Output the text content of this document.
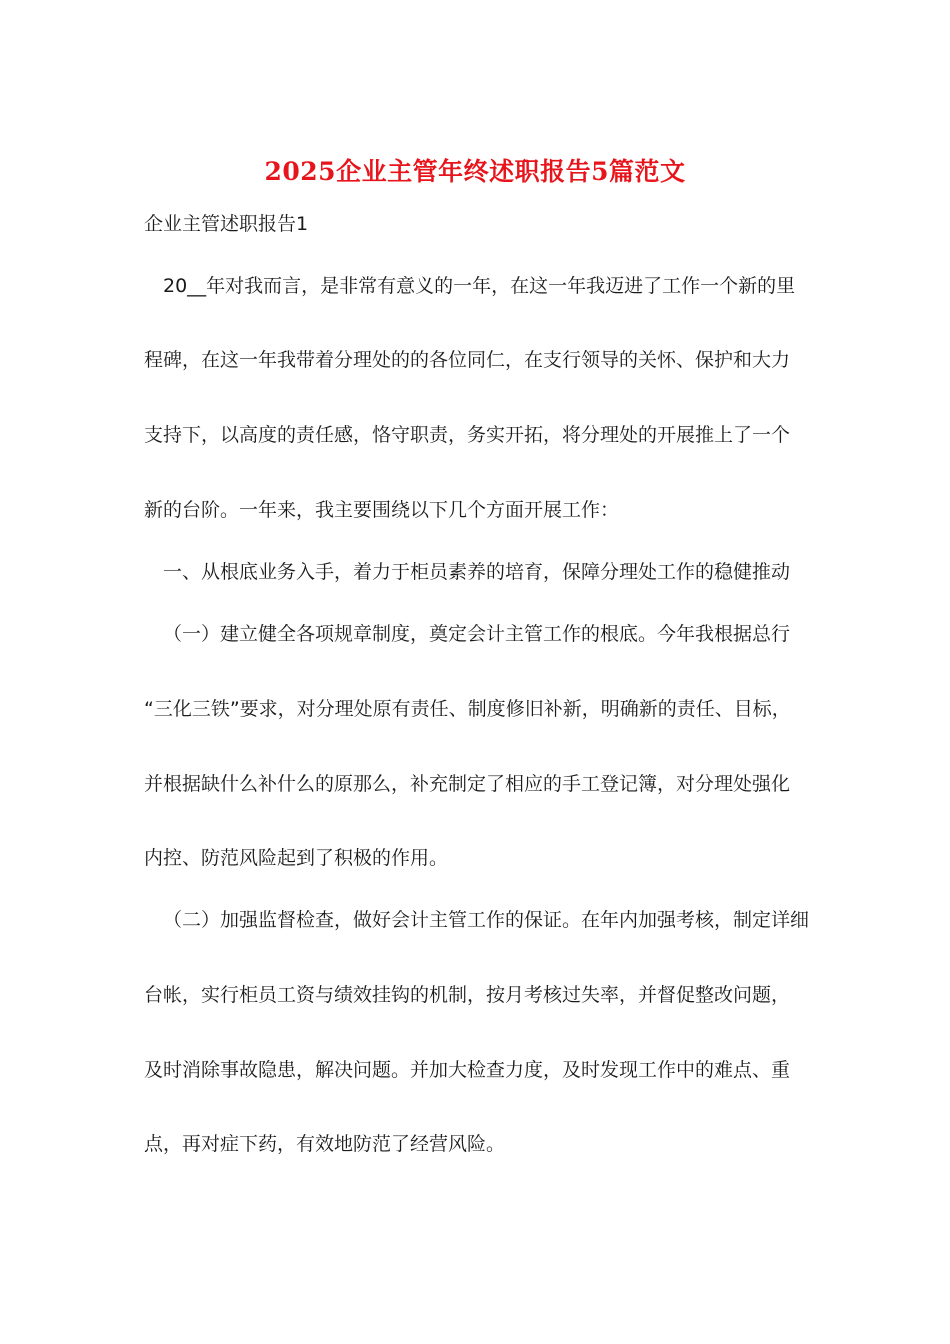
2025企业主管年终述职报告5篇范文

企业主管述职报告1

20__年对我而言，是非常有意义的一年，在这一年我迈进了工作一个新的里

程碑，在这一年我带着分理处的的各位同仁，在支行领导的关怀、保护和大力

支持下，以高度的责任感，恪守职责，务实开拓，将分理处的开展推上了一个

新的台阶。一年来，我主要围绕以下几个方面开展工作：

一、从根底业务入手，着力于柜员素养的培育，保障分理处工作的稳健推动

（一）建立健全各项规章制度，奠定会计主管工作的根底。今年我根据总行

“三化三铁”要求，对分理处原有责任、制度修旧补新，明确新的责任、目标，

并根据缺什么补什么的原那么，补充制定了相应的手工登记簿，对分理处强化

内控、防范风险起到了积极的作用。

（二）加强监督检查，做好会计主管工作的保证。在年内加强考核，制定详细

台帐，实行柜员工资与绩效挂钩的机制，按月考核过失率，并督促整改问题，

及时消除事故隐患，解决问题。并加大检查力度，及时发现工作中的难点、重

点，再对症下药，有效地防范了经营风险。
